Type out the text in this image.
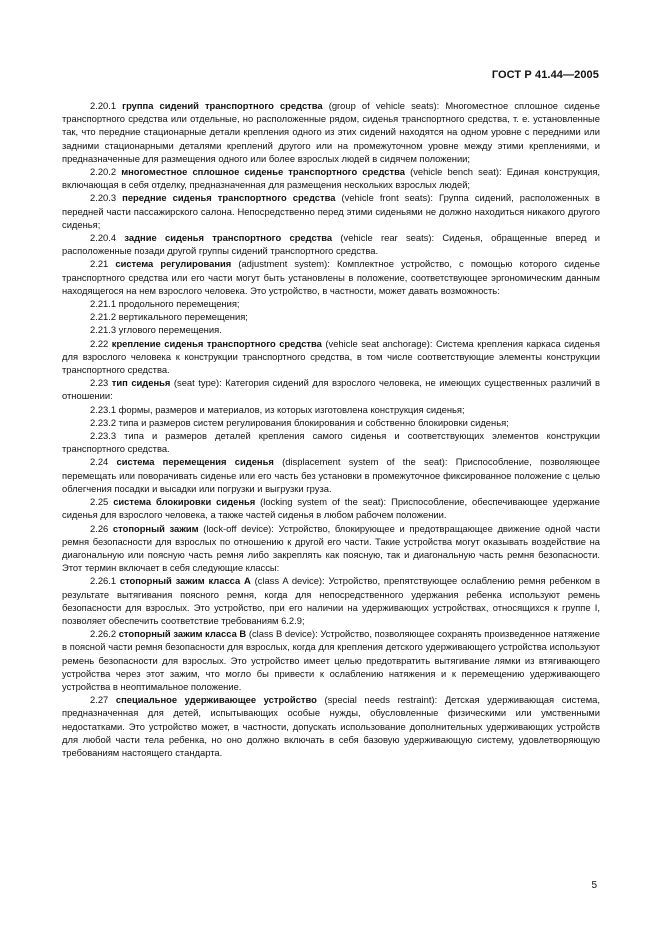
ГОСТ Р 41.44—2005

2.20.1 группа сидений транспортного средства (group of vehicle seats): Многоместное сплошное сиденье транспортного средства или отдельные, но расположенные рядом, сиденья транспортного средства, т. е. установленные так, что передние стационарные детали крепления одного из этих сидений находятся на одном уровне с передними или задними стационарными деталями креплений другого или на промежуточном уровне между этими креплениями, и предназначенные для размещения одного или более взрослых людей в сидячем положении;

2.20.2 многоместное сплошное сиденье транспортного средства (vehicle bench seat): Единая конструкция, включающая в себя отделку, предназначенная для размещения нескольких взрослых людей;

2.20.3 передние сиденья транспортного средства (vehicle front seats): Группа сидений, расположенных в передней части пассажирского салона. Непосредственно перед этими сиденьями не должно находиться никакого другого сиденья;

2.20.4 задние сиденья транспортного средства (vehicle rear seats): Сиденья, обращенные вперед и расположенные позади другой группы сидений транспортного средства.

2.21 система регулирования (adjustment system): Комплектное устройство, с помощью которого сиденье транспортного средства или его части могут быть установлены в положение, соответствующее эргономическим данным находящегося на нем взрослого человека. Это устройство, в частности, может давать возможность:

2.21.1 продольного перемещения;

2.21.2 вертикального перемещения;

2.21.3 углового перемещения.

2.22 крепление сиденья транспортного средства (vehicle seat anchorage): Система крепления каркаса сиденья для взрослого человека к конструкции транспортного средства, в том числе соответствующие элементы конструкции транспортного средства.

2.23 тип сиденья (seat type): Категория сидений для взрослого человека, не имеющих существенных различий в отношении:

2.23.1 формы, размеров и материалов, из которых изготовлена конструкция сиденья;

2.23.2 типа и размеров систем регулирования блокирования и собственно блокировки сиденья;

2.23.3 типа и размеров деталей крепления самого сиденья и соответствующих элементов конструкции транспортного средства.

2.24 система перемещения сиденья (displacement system of the seat): Приспособление, позволяющее перемещать или поворачивать сиденье или его часть без установки в промежуточное фиксированное положение с целью облегчения посадки и высадки или погрузки и выгрузки груза.

2.25 система блокировки сиденья (locking system of the seat): Приспособление, обеспечивающее удержание сиденья для взрослого человека, а также частей сиденья в любом рабочем положении.

2.26 стопорный зажим (lock-off device): Устройство, блокирующее и предотвращающее движение одной части ремня безопасности для взрослых по отношению к другой его части. Такие устройства могут оказывать воздействие на диагональную или поясную часть ремня либо закреплять как поясную, так и диагональную часть ремня безопасности. Этот термин включает в себя следующие классы:

2.26.1 стопорный зажим класса А (class A device): Устройство, препятствующее ослаблению ремня ребенком в результате вытягивания поясного ремня, когда для непосредственного удержания ребенка используют ремень безопасности для взрослых. Это устройство, при его наличии на удерживающих устройствах, относящихся к группе I, позволяет обеспечить соответствие требованиям 6.2.9;

2.26.2 стопорный зажим класса В (class B device): Устройство, позволяющее сохранять произведенное натяжение в поясной части ремня безопасности для взрослых, когда для крепления детского удерживающего устройства используют ремень безопасности для взрослых. Это устройство имеет целью предотвратить вытягивание лямки из втягивающего устройства через этот зажим, что могло бы привести к ослаблению натяжения и к перемещению удерживающего устройства в неоптимальное положение.

2.27 специальное удерживающее устройство (special needs restraint): Детская удерживающая система, предназначенная для детей, испытывающих особые нужды, обусловленные физическими или умственными недостатками. Это устройство может, в частности, допускать использование дополнительных удерживающих устройств для любой части тела ребенка, но оно должно включать в себя базовую удерживающую систему, удовлетворяющую требованиям настоящего стандарта.

5
